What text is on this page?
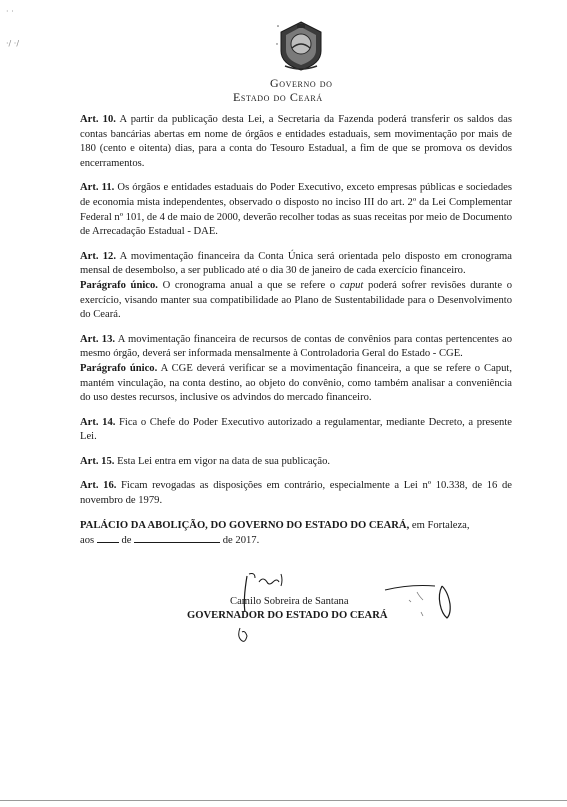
· ·

·/ ·/
Governo do
Estado do Ceará

Art. 10. A partir da publicação desta Lei, a Secretaria da Fazenda poderá transferir os saldos das contas bancárias abertas em nome de órgãos e entidades estaduais, sem movimentação por mais de 180 (cento e oitenta) dias, para a conta do Tesouro Estadual, a fim de que se promova os devidos encerramentos.

Art. 11. Os órgãos e entidades estaduais do Poder Executivo, exceto empresas públicas e sociedades de economia mista independentes, observado o disposto no inciso III do art. 2º da Lei Complementar Federal nº 101, de 4 de maio de 2000, deverão recolher todas as suas receitas por meio de Documento de Arrecadação Estadual - DAE.

Art. 12. A movimentação financeira da Conta Única será orientada pelo disposto em cronograma mensal de desembolso, a ser publicado até o dia 30 de janeiro de cada exercício financeiro.

Parágrafo único. O cronograma anual a que se refere o caput poderá sofrer revisões durante o exercício, visando manter sua compatibilidade ao Plano de Sustentabilidade para o Desenvolvimento do Ceará.

Art. 13. A movimentação financeira de recursos de contas de convênios para contas pertencentes ao mesmo órgão, deverá ser informada mensalmente à Controladoria Geral do Estado - CGE.

Parágrafo único. A CGE deverá verificar se a movimentação financeira, a que se refere o Caput, mantém vinculação, na conta destino, ao objeto do convênio, como também analisar a conveniência do uso destes recursos, inclusive os advindos do mercado financeiro.

Art. 14. Fica o Chefe do Poder Executivo autorizado a regulamentar, mediante Decreto, a presente Lei.

Art. 15. Esta Lei entra em vigor na data de sua publicação.

Art. 16. Ficam revogadas as disposições em contrário, especialmente a Lei nº 10.338, de 16 de novembro de 1979.

PALÁCIO DA ABOLIÇÃO, DO GOVERNO DO ESTADO DO CEARÁ, em Fortaleza,
aos	de	de 2017.

Camilo Sobreira de Santana
GOVERNADOR DO ESTADO DO CEARÁ
